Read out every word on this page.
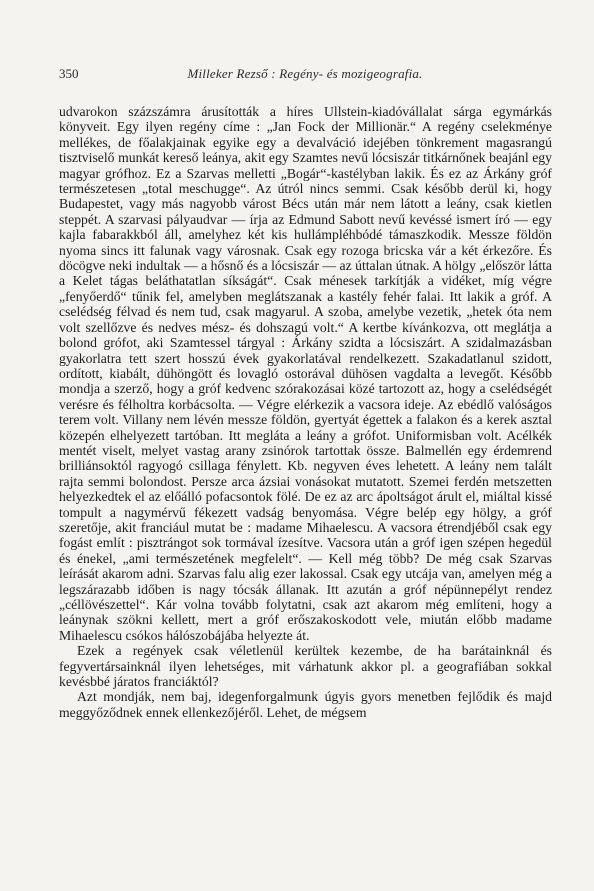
350	Milleker Rezső : Regény- és mozigeografia.

udvarokon százszámra árusították a híres Ullstein-kiadóvállalat sárga egymárkás könyveit. Egy ilyen regény címe : „Jan Fock der Millionär.“ A regény cselekménye mellékes, de főalakjainak egyike egy a devalváció idejében tönkrement magasrangú tisztviselő munkát kereső leánya, akit egy Szamtes nevű lócsiszár titkárnőnek beajánl egy magyar grófhoz. Ez a Szarvas melletti „Bogár“-kastélyban lakik. És ez az Árkány gróf természetesen „total meschugge“. Az útról nincs semmi. Csak később derül ki, hogy Budapestet, vagy más nagyobb várost Bécs után már nem látott a leány, csak kietlen steppét. A szarvasi pályaudvar — írja az Edmund Sabott nevű kevéssé ismert író — egy kajla fabarakkból áll, amelyhez két kis hullámpléhbódé támaszkodik. Messze földön nyoma sincs itt falunak vagy városnak. Csak egy rozoga bricska vár a két érkezőre. És döcögve neki indultak — a hősnő és a lócsiszár — az úttalan útnak. A hölgy „először látta a Kelet tágas beláthatatlan síkságát“. Csak ménesek tarkítják a vidéket, míg végre „fenyőerdő“ tűnik fel, amelyben meglátszanak a kastély fehér falai. Itt lakik a gróf. A cselédség félvad és nem tud, csak magyarul. A szoba, amelybe vezetik, „hetek óta nem volt szellőzve és nedves mész- és dohszagú volt.“ A kertbe kívánkozva, ott meglátja a bolond grófot, aki Szamtessel tárgyal : Árkány szidta a lócsiszárt. A szidalmazásban gyakorlatra tett szert hosszú évek gyakorlatával rendelkezett. Szakadatlanul szidott, ordított, kiabált, dühöngött és lovagló ostorával dühösen vagdalta a levegőt. Később mondja a szerző, hogy a gróf kedvenc szórakozásai közé tartozott az, hogy a cselédségét verésre és félholtra korbácsolta. — Végre elérkezik a vacsora ideje. Az ebédlő valóságos terem volt. Villany nem lévén messze földön, gyertyát égettek a falakon és a kerek asztal közepén elhelyezett tartóban. Itt megláta a leány a grófot. Uniformisban volt. Acélkék mentét viselt, melyet vastag arany zsinórok tartottak össze. Balmellén egy érdemrend brilliánsoktól ragyogó csillaga fénylett. Kb. negyven éves lehetett. A leány nem talált rajta semmi bolondost. Persze arca ázsiai vonásokat mutatott. Szemei ferdén metszetten helyezkedtek el az előálló pofacsontok fölé. De ez az arc ápoltságot árult el, miáltal kissé tompult a nagymérvű fékezett vadság benyomása. Végre belép egy hölgy, a gróf szeretője, akit franciául mutat be : madame Mihaelescu. A vacsora étrendjéből csak egy fogást említ : pisztrángot sok tormával ízesítve. Vacsora után a gróf igen szépen hegedül és énekel, „ami természetének megfelelt“. — Kell még több? De még csak Szarvas leírását akarom adni. Szarvas falu alig ezer lakossal. Csak egy utcája van, amelyen még a legszárazabb időben is nagy tócsák állanak. Itt azután a gróf népünnepélyt rendez „céllövészettel“. Kár volna tovább folytatni, csak azt akarom még említeni, hogy a leánynak szökni kellett, mert a gróf erőszakoskodott vele, miután előbb madame Mihaelescu csókos hálószobájába helyezte át.

Ezek a regények csak véletlenül kerültek kezembe, de ha barátainknál és fegyvertársainknál ilyen lehetséges, mit várhatunk akkor pl. a geografiában sokkal kevésbbé járatos franciáktól?

Azt mondják, nem baj, idegenforgalmunk úgyis gyors menetben fejlődik és majd meggyőződnek ennek ellenkezőjéről. Lehet, de mégsem
